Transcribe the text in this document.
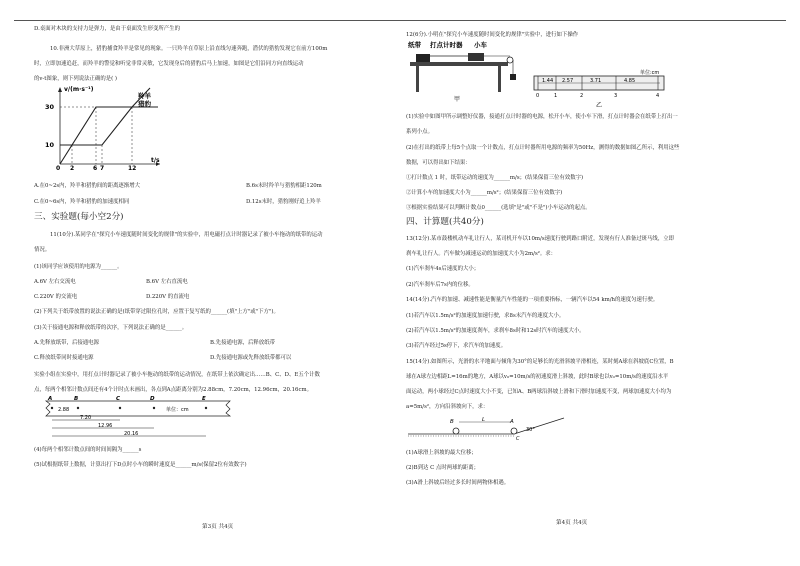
D.桌面对木块的支持力是弹力，是由于桌面发生形变所产生的
10.非洲大草原上，猎豹捕食羚羊是常见的现象。一只羚羊在草原上沿直线匀速奔跑，潜伏的猎豹发现它在前方100m
时，立即加速追赶，而羚羊的警觉和听觉非常灵敏，它发现身后的猎豹后马上加速，如图是它们沿同方向直线运动
的v-t图象，则下列说法正确的是( )
v/(m·s⁻¹)
30
10
0 2	6 7	12
t/s
羚羊
猎豹
A.在0~2s内，羚羊和猎豹间的距离逐渐增大	B.6s末时羚羊与猎豹相距120m
C.在0~6s内，羚羊和猎豹的加速度相同	D.12s末时，猎豹刚好追上羚羊
三、实验题(每小空2分)
11(10分).某同学在"探究小车速度随时间变化的规律"的实验中，用电磁打点计时器记录了被小车拖动的纸带的运动
情况。
(1)该同学应该使用的电源为______。
A.6V 左右交流电	B.6V 左右直流电
C.220V 的交流电	D.220V 的直流电
(2)下列关于纸带放置的说法正确的是(纸带穿过限位孔时，应置于复写纸的______(填"上方"或"下方")。
(3)关于接通电源和释放纸带的次序，下列说法正确的是______。
A.先释放纸带，后接通电源	B.先接通电源，后释放纸带
C.释放纸带同时接通电源	D.先接通电源或先释放纸带都可以
实验小组在实验中，用打点计时器记录了被小车拖动的纸带的运动情况，在纸带上依次确定出……B、C、D、E五个计数
点，每两个相邻计数点间还有4个计时点未画出，各点到A点距离分别为2.88cm，7.20cm，12.96cm，20.16cm。
A	B	C	D	E
2.88	单位：cm
7.20
12.96
20.16
(4)每两个相邻计数点间的时间间隔为______s
(5)试根据纸带上数据，计算出打下D点时小车的瞬时速度是______m/s(保留2位有效数字)
第3页 共4页
12(6分).小明在"探究小车速度随时间变化的规律"实验中，进行如下操作
纸带 打点计时器 小车
甲
单位:cm
1.44 2.57	3.71	4.85
0	1	2	3	4
乙
(1)实验中如图甲所示调整好仪器，接通打点计时器的电源，松开小车，使小车下滑，打点计时器会在纸带上打出一
系列小点。
(2)在打出的纸带上每5个点取一个计数点，打点计时器所用电源的频率为50Hz，测得的数据如图乙所示，利用这些
数据，可以得出如下结果：
①打计数点 1 时，纸带运动的速度为______m/s；(结果保留三位有效数字)
②计算小车的加速度大小为______m/s²；(结果保留三位有效数字)
③根据实验结果可以判断计数点0______(选填"是"或"不是")小车运动的起点。
四、计算题(共40分)
13(12分).某市鼓楼机动车礼让行人，某司机开车以10m/s速度行驶到路口附近，发现有行人准备过斑马线，立即
刹车礼让行人。汽车做匀减速运动的加速度大小为2m/s²。求：
(1)汽车刹车4s后速度的大小；
(2)汽车刹车后7s内的位移。
14(14分).汽车的加速、减速性能是衡量汽车性能的一项重要指标，一辆汽车以54 km/h的速度匀速行驶。
(1)若汽车以1.5m/s²的加速度加速行驶，求8s末汽车的速度大小。
(2)若汽车以1.5m/s²的加速度刹车，求刹车8s时和12s时汽车的速度大小。
(3)若汽车经过5s停下，求汽车的加速度。
15(14分).如图所示，光滑的水平地面与倾角为30°的足够长的光滑斜坡平滑相连，某时刻A球在斜坡底C位置，B
球在A球左边相距L=16m的地方，A球以v₀=10m/s的初速度滑上斜坡，此时B球也以v₀=10m/s的速度沿水平
面运动，两小球经过C点时速度大小不变，已知A、B两球沿斜坡上滑和下滑时加速度不变，两球加速度大小均为
a=5m/s²，方向沿斜坡向下，求：
B	A
C
L
30°
(1)A球滑上斜坡的最大位移；
(2)B到达 C 点时两球的距离；
(3)A滑上斜坡后经过多长时间两物体相遇。
第4页 共4页
